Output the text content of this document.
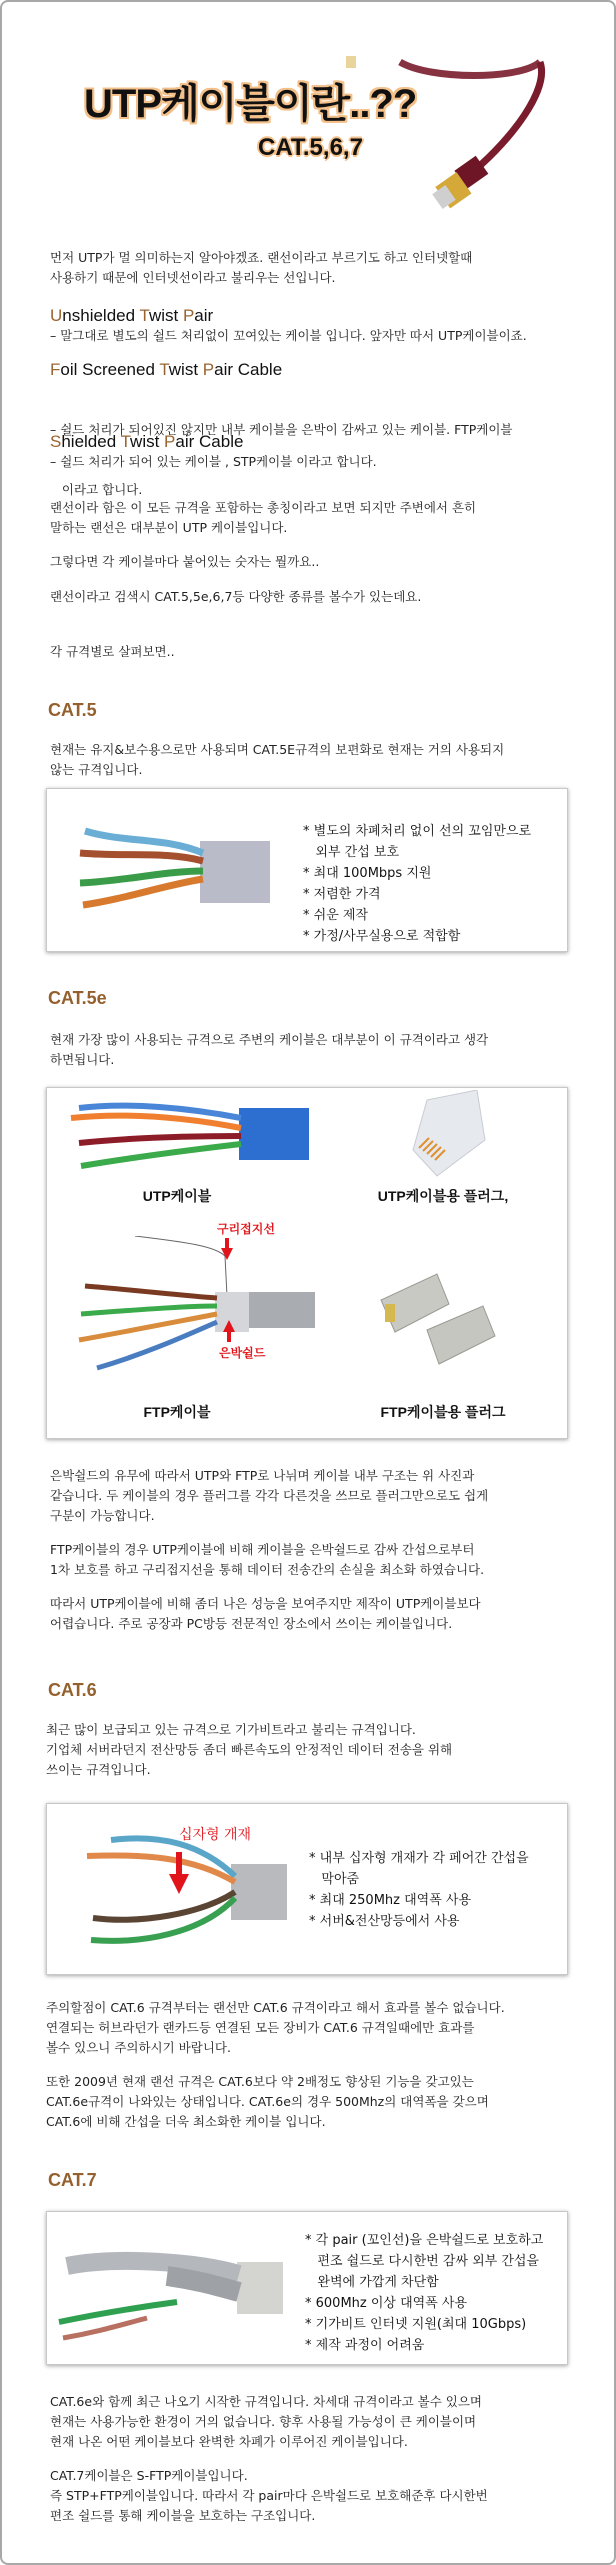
UTP케이블이란..??
CAT.5,6,7
먼저 UTP가 멀 의미하는지 알아야겠죠. 랜선이라고 부르기도 하고 인터넷할때
사용하기 때문에 인터넷선이라고 불리우는 선입니다.
Unshielded Twist Pair
– 말그대로 별도의 쉴드 처리없이 꼬여있는 케이블 입니다. 앞자만 따서 UTP케이블이죠.
Foil Screened Twist Pair Cable

– 쉴드 처리가 되어있진 않지만 내부 케이블을 은박이 감싸고 있는 케이블. FTP케이블

이라고 합니다.

Shielded Twist Pair Cable
– 쉴드 처리가 되어 있는 케이블 , STP케이블 이라고 합니다.
랜선이라 함은 이 모든 규격을 포함하는 총칭이라고 보면 되지만 주변에서 흔히
말하는 랜선은 대부분이 UTP 케이블입니다.
그렇다면 각 케이블마다 붙어있는 숫자는 뭘까요..
랜선이라고 검색시 CAT.5,5e,6,7등 다양한 종류를 볼수가 있는데요.
각 규격별로 살펴보면..
CAT.5
현재는 유지&보수용으로만 사용되며 CAT.5E규격의 보편화로 현재는 거의 사용되지
않는 규격입니다.
* 별도의 차폐처리 없이 선의 꼬임만으로
외부 간섭 보호
* 최대 100Mbps 지원
* 저렴한 가격
* 쉬운 제작
* 가정/사무실용으로 적합함
CAT.5e
현재 가장 많이 사용되는 규격으로 주변의 케이블은 대부분이 이 규격이라고 생각
하면됩니다.
UTP케이블	UTP케이블용 플러그,
구리접지선
은박쉴드
FTP케이블	FTP케이블용 플러그
은박쉴드의 유무에 따라서 UTP와 FTP로 나뉘며 케이블 내부 구조는 위 사진과
같습니다. 두 케이블의 경우 플러그를 각각 다른것을 쓰므로 플러그만으로도 쉽게
구분이 가능합니다.
FTP케이블의 경우 UTP케이블에 비해 케이블을 은박쉴드로 감싸 간섭으로부터
1차 보호를 하고 구리접지선을 통해 데이터 전송간의 손실을 최소화 하였습니다.
따라서 UTP케이블에 비해 좀더 나은 성능을 보여주지만 제작이 UTP케이블보다
어렵습니다. 주로 공장과 PC방등 전문적인 장소에서 쓰이는 케이블입니다.
CAT.6
최근 많이 보급되고 있는 규격으로 기가비트라고 불리는 규격입니다.
기업체 서버라던지 전산망등 좀더 빠른속도의 안정적인 데이터 전송을 위해
쓰이는 규격입니다.
십자형 개재
* 내부 십자형 개재가 각 페어간 간섭을
막아줌
* 최대 250Mhz 대역폭 사용
* 서버&전산망등에서 사용
주의할점이 CAT.6 규격부터는 랜선만 CAT.6 규격이라고 해서 효과를 볼수 없습니다.
연결되는 허브라던가 랜카드등 연결된 모든 장비가 CAT.6 규격일때에만 효과를
볼수 있으니 주의하시기 바랍니다.
또한 2009년 현재 랜선 규격은 CAT.6보다 약 2배정도 향상된 기능을 갖고있는
CAT.6e규격이 나와있는 상태입니다. CAT.6e의 경우 500Mhz의 대역폭을 갖으며
CAT.6에 비해 간섭을 더욱 최소화한 케이블 입니다.
CAT.7
* 각 pair (꼬인선)을 은박쉴드로 보호하고
편조 쉴드로 다시한번 감싸 외부 간섭을
완벽에 가깝게 차단함
* 600Mhz 이상 대역폭 사용
* 기가비트 인터넷 지원(최대 10Gbps)
* 제작 과정이 어려움
CAT.6e와 함께 최근 나오기 시작한 규격입니다. 차세대 규격이라고 볼수 있으며
현재는 사용가능한 환경이 거의 없습니다. 향후 사용될 가능성이 큰 케이블이며
현재 나온 어떤 케이블보다 완벽한 차폐가 이루어진 케이블입니다.
CAT.7케이블은 S-FTP케이블입니다.
즉 STP+FTP케이블입니다. 따라서 각 pair마다 은박쉴드로 보호해준후 다시한번
편조 쉴드를 통해 케이블을 보호하는 구조입니다.
